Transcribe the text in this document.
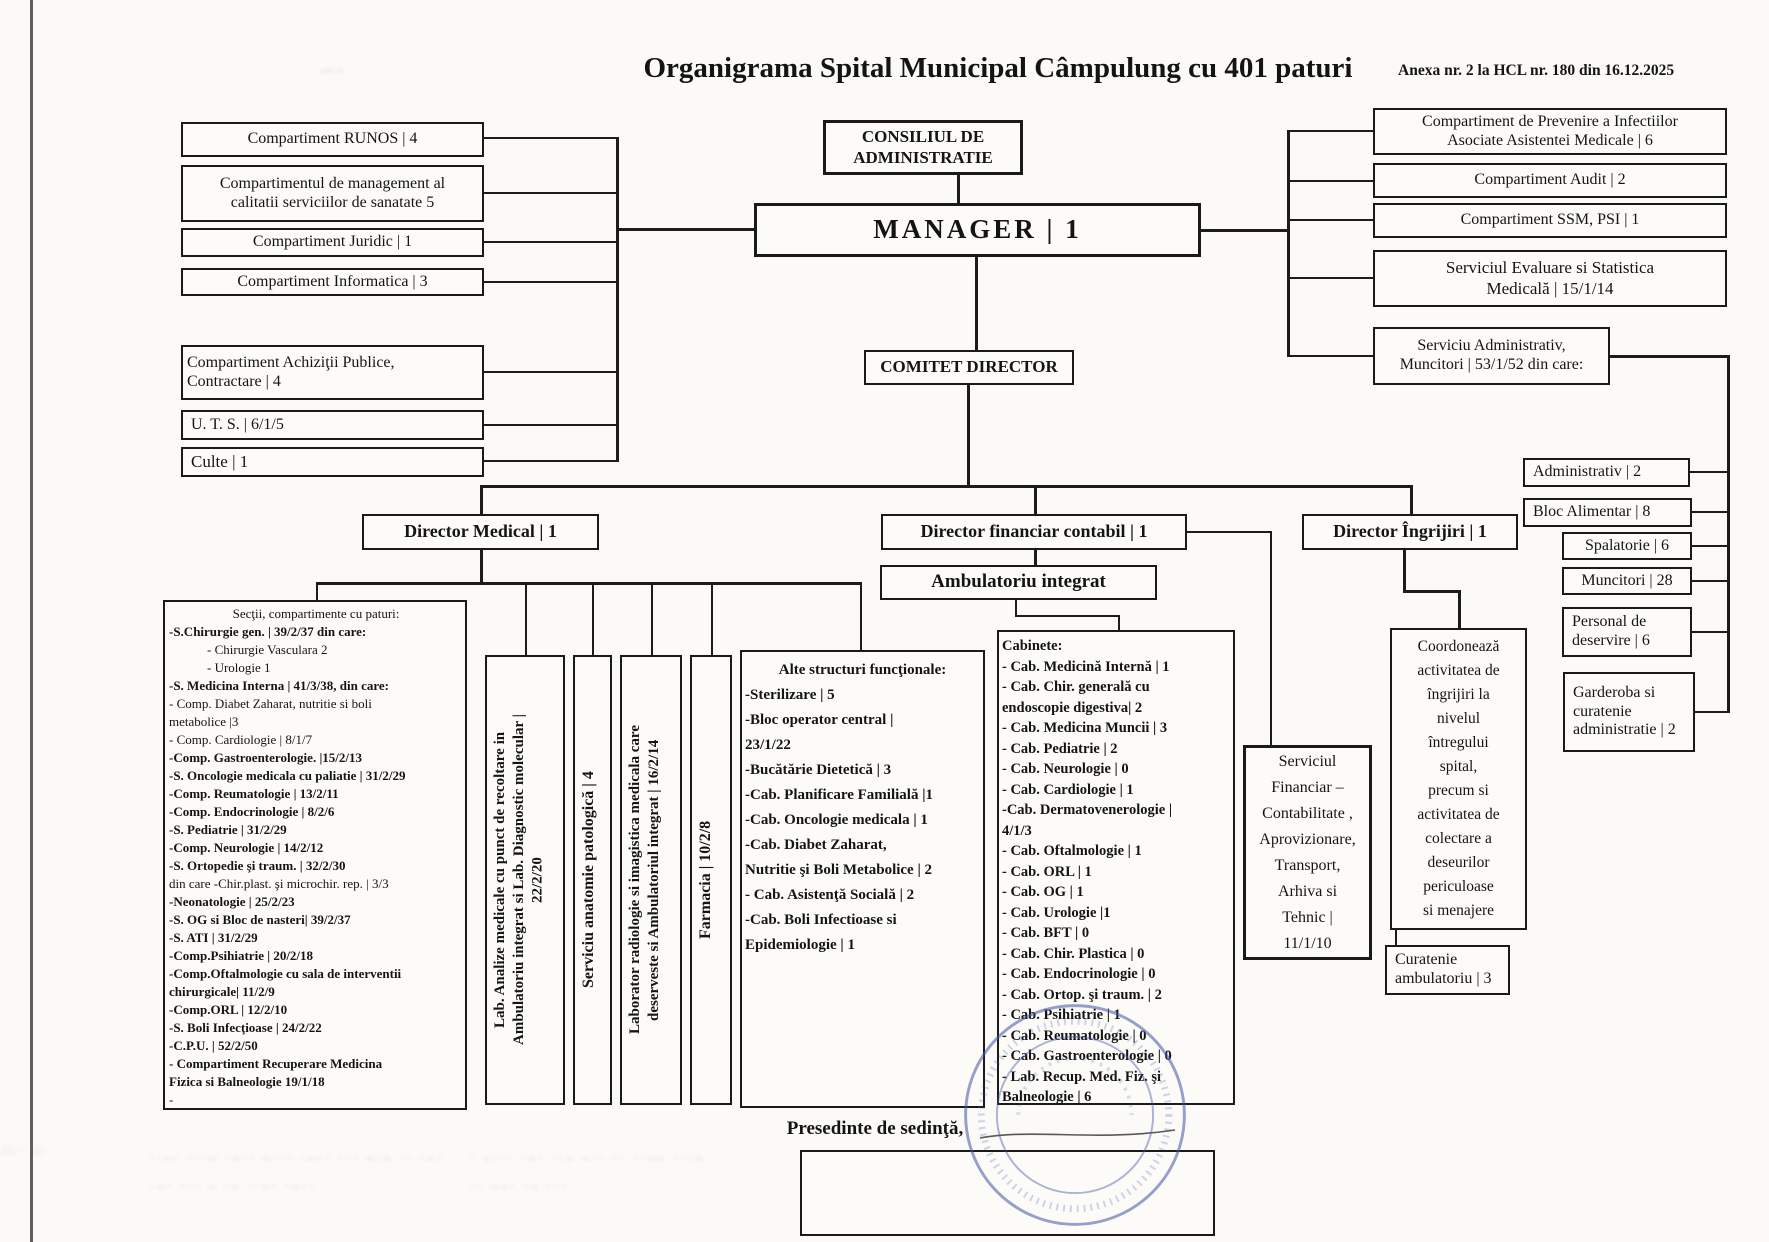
—–
··–· ···– ·–·· –··· ·–·· ··· –·– ·· ·–·
·–· ··· – ·– ··–· ·–··
· –··· ·–· ··– –·· ·· ··–– ···–
·· ––· ·– ···
|||·· ||·
Organigrama Spital Municipal Câmpulung cu 401 paturi	Anexa nr. 2 la HCL nr. 180 din 16.12.2025
CONSILIUL DE
ADMINISTRATIE
MANAGER | 1
COMITET DIRECTOR
Compartiment RUNOS | 4
Compartimentul de management al
calitatii serviciilor de sanatate 5
Compartiment Juridic | 1
Compartiment Informatica | 3
Compartiment Achiziţii Publice,
Contractare | 4
U. T. S. | 6/1/5
Culte | 1
Compartiment de Prevenire a Infectiilor
Asociate Asistentei Medicale | 6
Compartiment Audit | 2
Compartiment SSM, PSI | 1
Serviciul Evaluare si Statistica
Medicală | 15/1/14
Serviciu Administrativ,
Muncitori | 53/1/52 din care:
Administrativ | 2
Bloc Alimentar | 8
Spalatorie | 6
Muncitori | 28
Personal de
deservire | 6
Garderoba si
curatenie
administratie | 2
Director Medical | 1	Director financiar contabil | 1	Director Îngrijiri | 1
Ambulatoriu integrat
Secţii, compartimente cu paturi:
-S.Chirurgie gen. | 39/2/37 din care:
- Chirurgie Vasculara 2
- Urologie 1
-S. Medicina Interna | 41/3/38, din care:
- Comp. Diabet Zaharat, nutritie si boli
metabolice |3
- Comp. Cardiologie | 8/1/7
-Comp. Gastroenterologie. |15/2/13
-S. Oncologie medicala cu paliatie | 31/2/29
-Comp. Reumatologie | 13/2/11
-Comp. Endocrinologie | 8/2/6
-S. Pediatrie | 31/2/29
-Comp. Neurologie | 14/2/12
-S. Ortopedie şi traum. | 32/2/30
din care -Chir.plast. şi microchir. rep. | 3/3
-Neonatologie | 25/2/23
-S. OG si Bloc de nasteri| 39/2/37
-S. ATI | 31/2/29
-Comp.Psihiatrie | 20/2/18
-Comp.Oftalmologie cu sala de interventii
chirurgicale| 11/2/9
-Comp.ORL | 12/2/10
-S. Boli Infecţioase | 24/2/22
-C.P.U. | 52/2/50
- Compartiment Recuperare Medicina
Fizica si Balneologie 19/1/18
-
Lab. Analize medicale cu punct de recoltare in Ambulatoriu integrat si Lab. Diagnostic molecular | 22/2/20 Serviciu anatomie patologică | 4 Laborator radiologie si imagistica medicala care deserveste si Ambulatoriul integrat | 16/2/14 Farmacia | 10/2/8
Alte structuri funcţionale:
-Sterilizare | 5
-Bloc operator central |
23/1/22
-Bucătărie Dietetică | 3
-Cab. Planificare Familială |1
-Cab. Oncologie medicala | 1
-Cab. Diabet Zaharat,
Nutritie şi Boli Metabolice | 2
- Cab. Asistenţă Socială | 2
-Cab. Boli Infectioase si
Epidemiologie | 1
Cabinete:
- Cab. Medicină Internă | 1
- Cab. Chir. generală cu
endoscopie digestiva| 2
- Cab. Medicina Muncii | 3
- Cab. Pediatrie | 2
- Cab. Neurologie | 0
- Cab. Cardiologie | 1
-Cab. Dermatovenerologie |
4/1/3
- Cab. Oftalmologie | 1
- Cab. ORL | 1
- Cab. OG | 1
- Cab. Urologie |1
- Cab. BFT | 0
- Cab. Chir. Plastica | 0
- Cab. Endocrinologie | 0
- Cab. Ortop. şi traum. | 2
- Cab. Psihiatrie | 1
- Cab. Reumatologie | 0
- Cab. Gastroenterologie | 0
- Lab. Recup. Med. Fiz. şi
Balneologie | 6
Serviciul
Financiar –
Contabilitate ,
Aprovizionare,
Transport,
Arhiva si
Tehnic |
11/1/10
Coordonează
activitatea de
îngrijiri la
nivelul
întregului
spital,
precum si
activitatea de
colectare a
deseurilor
periculoase
si menajere
Curatenie
ambulatoriu | 3
Presedinte de sedinţă,
